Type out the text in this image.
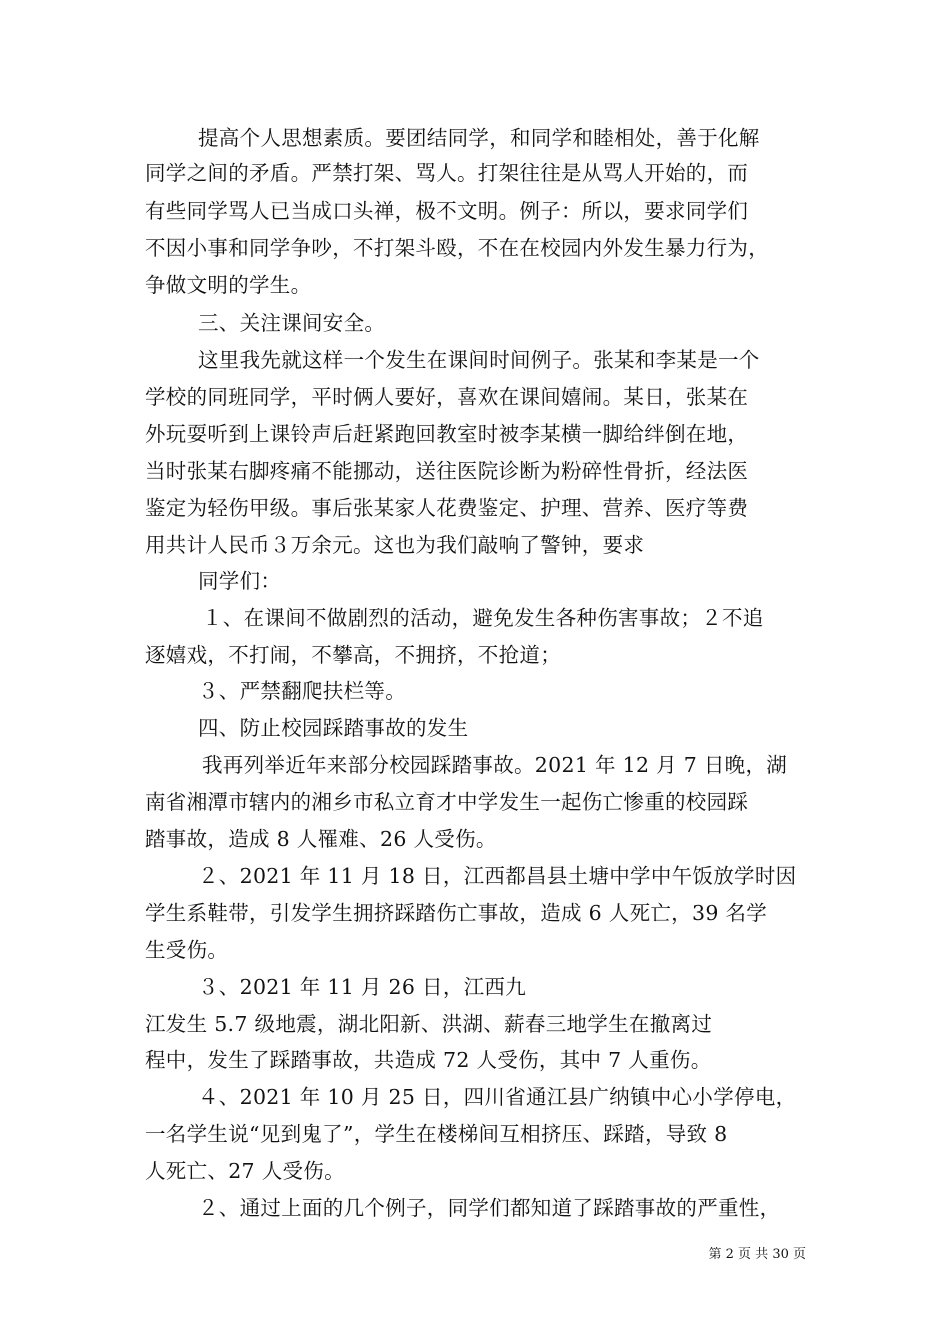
提高个人思想素质。要团结同学，和同学和睦相处，善于化解
同学之间的矛盾。严禁打架、骂人。打架往往是从骂人开始的，而
有些同学骂人已当成口头禅，极不文明。例子：所以，要求同学们
不因小事和同学争吵，不打架斗殴，不在在校园内外发生暴力行为，
争做文明的学生。
三、关注课间安全。
这里我先就这样一个发生在课间时间例子。张某和李某是一个
学校的同班同学，平时俩人要好，喜欢在课间嬉闹。某日，张某在
外玩耍听到上课铃声后赶紧跑回教室时被李某横一脚给绊倒在地，
当时张某右脚疼痛不能挪动，送往医院诊断为粉碎性骨折，经法医
鉴定为轻伤甲级。事后张某家人花费鉴定、护理、营养、医疗等费
用共计人民币３万余元。这也为我们敲响了警钟，要求
同学们：
１、在课间不做剧烈的活动，避免发生各种伤害事故；２不追
逐嬉戏，不打闹，不攀高，不拥挤，不抢道；
３、严禁翻爬扶栏等。
四、防止校园踩踏事故的发生
我再列举近年来部分校园踩踏事故。2021 年 12 月 7 日晚，湖
南省湘潭市辖内的湘乡市私立育才中学发生一起伤亡惨重的校园踩
踏事故，造成 8 人罹难、26 人受伤。
２、2021 年 11 月 18 日，江西都昌县土塘中学中午饭放学时因
学生系鞋带，引发学生拥挤踩踏伤亡事故，造成 6 人死亡，39 名学
生受伤。
３、2021 年 11 月 26 日，江西九
江发生 5.7 级地震，湖北阳新、洪湖、薪春三地学生在撤离过
程中，发生了踩踏事故，共造成 72 人受伤，其中 7 人重伤。
４、2021 年 10 月 25 日，四川省通江县广纳镇中心小学停电，
一名学生说“见到鬼了”，学生在楼梯间互相挤压、踩踏，导致 8
人死亡、27 人受伤。
２、通过上面的几个例子，同学们都知道了踩踏事故的严重性，
第 2 页 共 30 页
